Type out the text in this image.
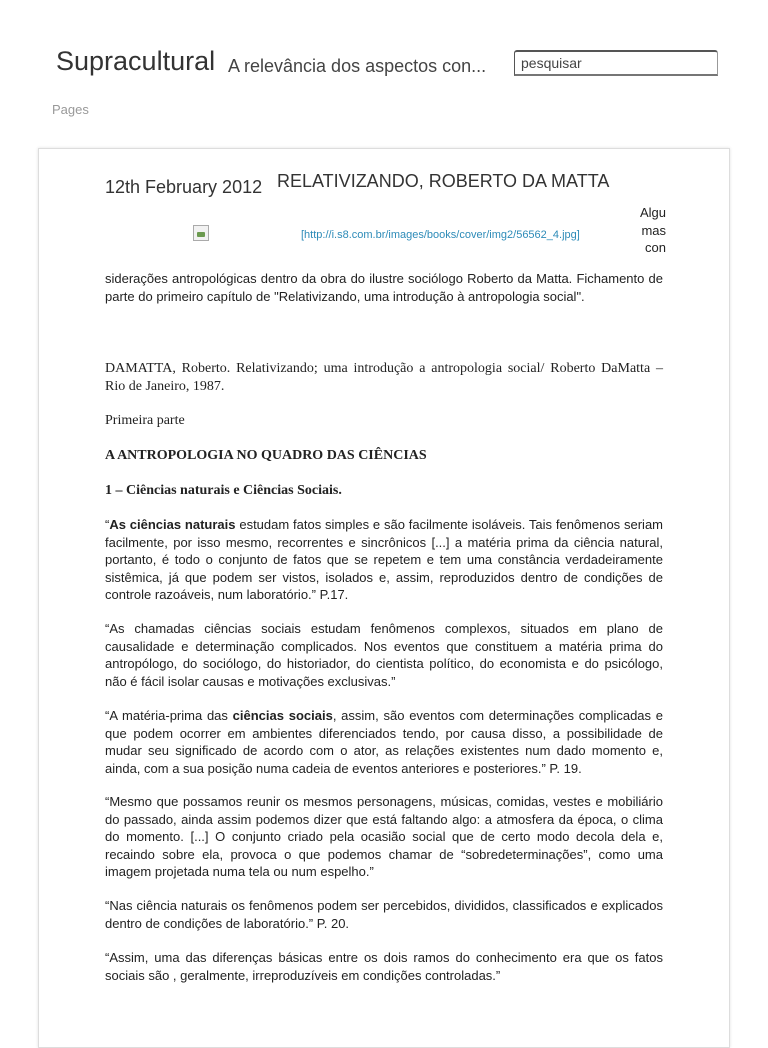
Supracultural A relevância dos aspectos con...
pesquisar
Pages
12th February 2012 RELATIVIZANDO, ROBERTO DA MATTA
[http://i.s8.com.br/images/books/cover/img2/56562_4.jpg]
Algumascon

siderações antropológicas dentro da obra do ilustre sociólogo Roberto da Matta. Fichamento de parte do primeiro capítulo de "Relativizando, uma introdução à antropologia social".

DAMATTA, Roberto. Relativizando; uma introdução a antropologia social/ Roberto DaMatta – Rio de Janeiro, 1987.

Primeira parte

A ANTROPOLOGIA NO QUADRO DAS CIÊNCIAS

1 – Ciências naturais e Ciências Sociais.

“As ciências naturais estudam fatos simples e são facilmente isoláveis. Tais fenômenos seriam facilmente, por isso mesmo, recorrentes e sincrônicos [...] a matéria prima da ciência natural, portanto, é todo o conjunto de fatos que se repetem e tem uma constância verdadeiramente sistêmica, já que podem ser vistos, isolados e, assim, reproduzidos dentro de condições de controle razoáveis, num laboratório.” P.17.

“As chamadas ciências sociais estudam fenômenos complexos, situados em plano de causalidade e determinação complicados. Nos eventos que constituem a matéria prima do antropólogo, do sociólogo, do historiador, do cientista político, do economista e do psicólogo, não é fácil isolar causas e motivações exclusivas.”

“A matéria-prima das ciências sociais, assim, são eventos com determinações complicadas e que podem ocorrer em ambientes diferenciados tendo, por causa disso, a possibilidade de mudar seu significado de acordo com o ator, as relações existentes num dado momento e, ainda, com a sua posição numa cadeia de eventos anteriores e posteriores.” P. 19.

“Mesmo que possamos reunir os mesmos personagens, músicas, comidas, vestes e mobiliário do passado, ainda assim podemos dizer que está faltando algo: a atmosfera da época, o clima do momento. [...] O conjunto criado pela ocasião social que de certo modo decola dela e, recaindo sobre ela, provoca o que podemos chamar de “sobredeterminações”, como uma imagem projetada numa tela ou num espelho.”

“Nas ciência naturais os fenômenos podem ser percebidos, divididos, classificados e explicados dentro de condições de laboratório.” P. 20.

“Assim, uma das diferenças básicas entre os dois ramos do conhecimento era que os fatos sociais são , geralmente, irreproduzíveis em condições controladas.”
